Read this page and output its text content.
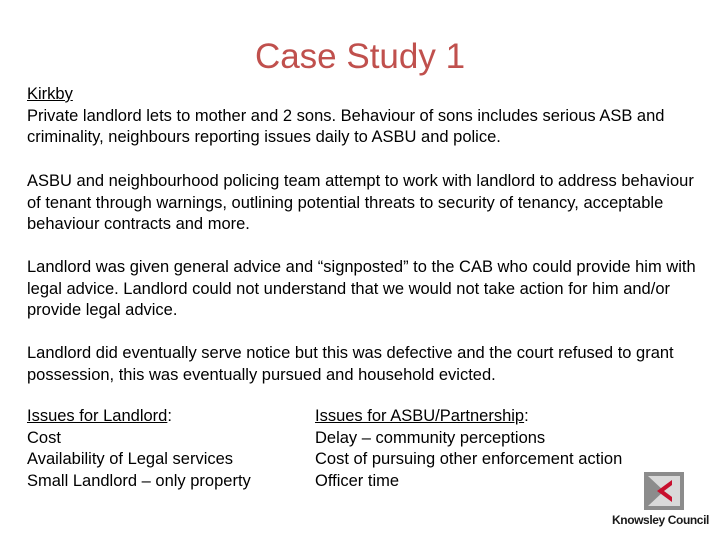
Case Study 1

Kirkby

Private landlord lets to mother and 2 sons. Behaviour of sons includes serious ASB and criminality, neighbours reporting issues daily to ASBU and police.

ASBU and neighbourhood policing team attempt to work with landlord to address behaviour of tenant through warnings, outlining potential threats to security of tenancy, acceptable behaviour contracts and more.
Landlord was given general advice and “signposted” to the CAB who could provide him with legal advice. Landlord could not understand that we would not take action for him and/or provide legal advice.
Landlord did eventually serve notice but this was defective and the court refused to grant possession, this was eventually pursued and household evicted.
Issues for Landlord:
Cost
Availability of Legal services
Small Landlord – only property
Issues for ASBU/Partnership:
Delay – community perceptions
Cost of pursuing other enforcement action
Officer time
Knowsley Council
